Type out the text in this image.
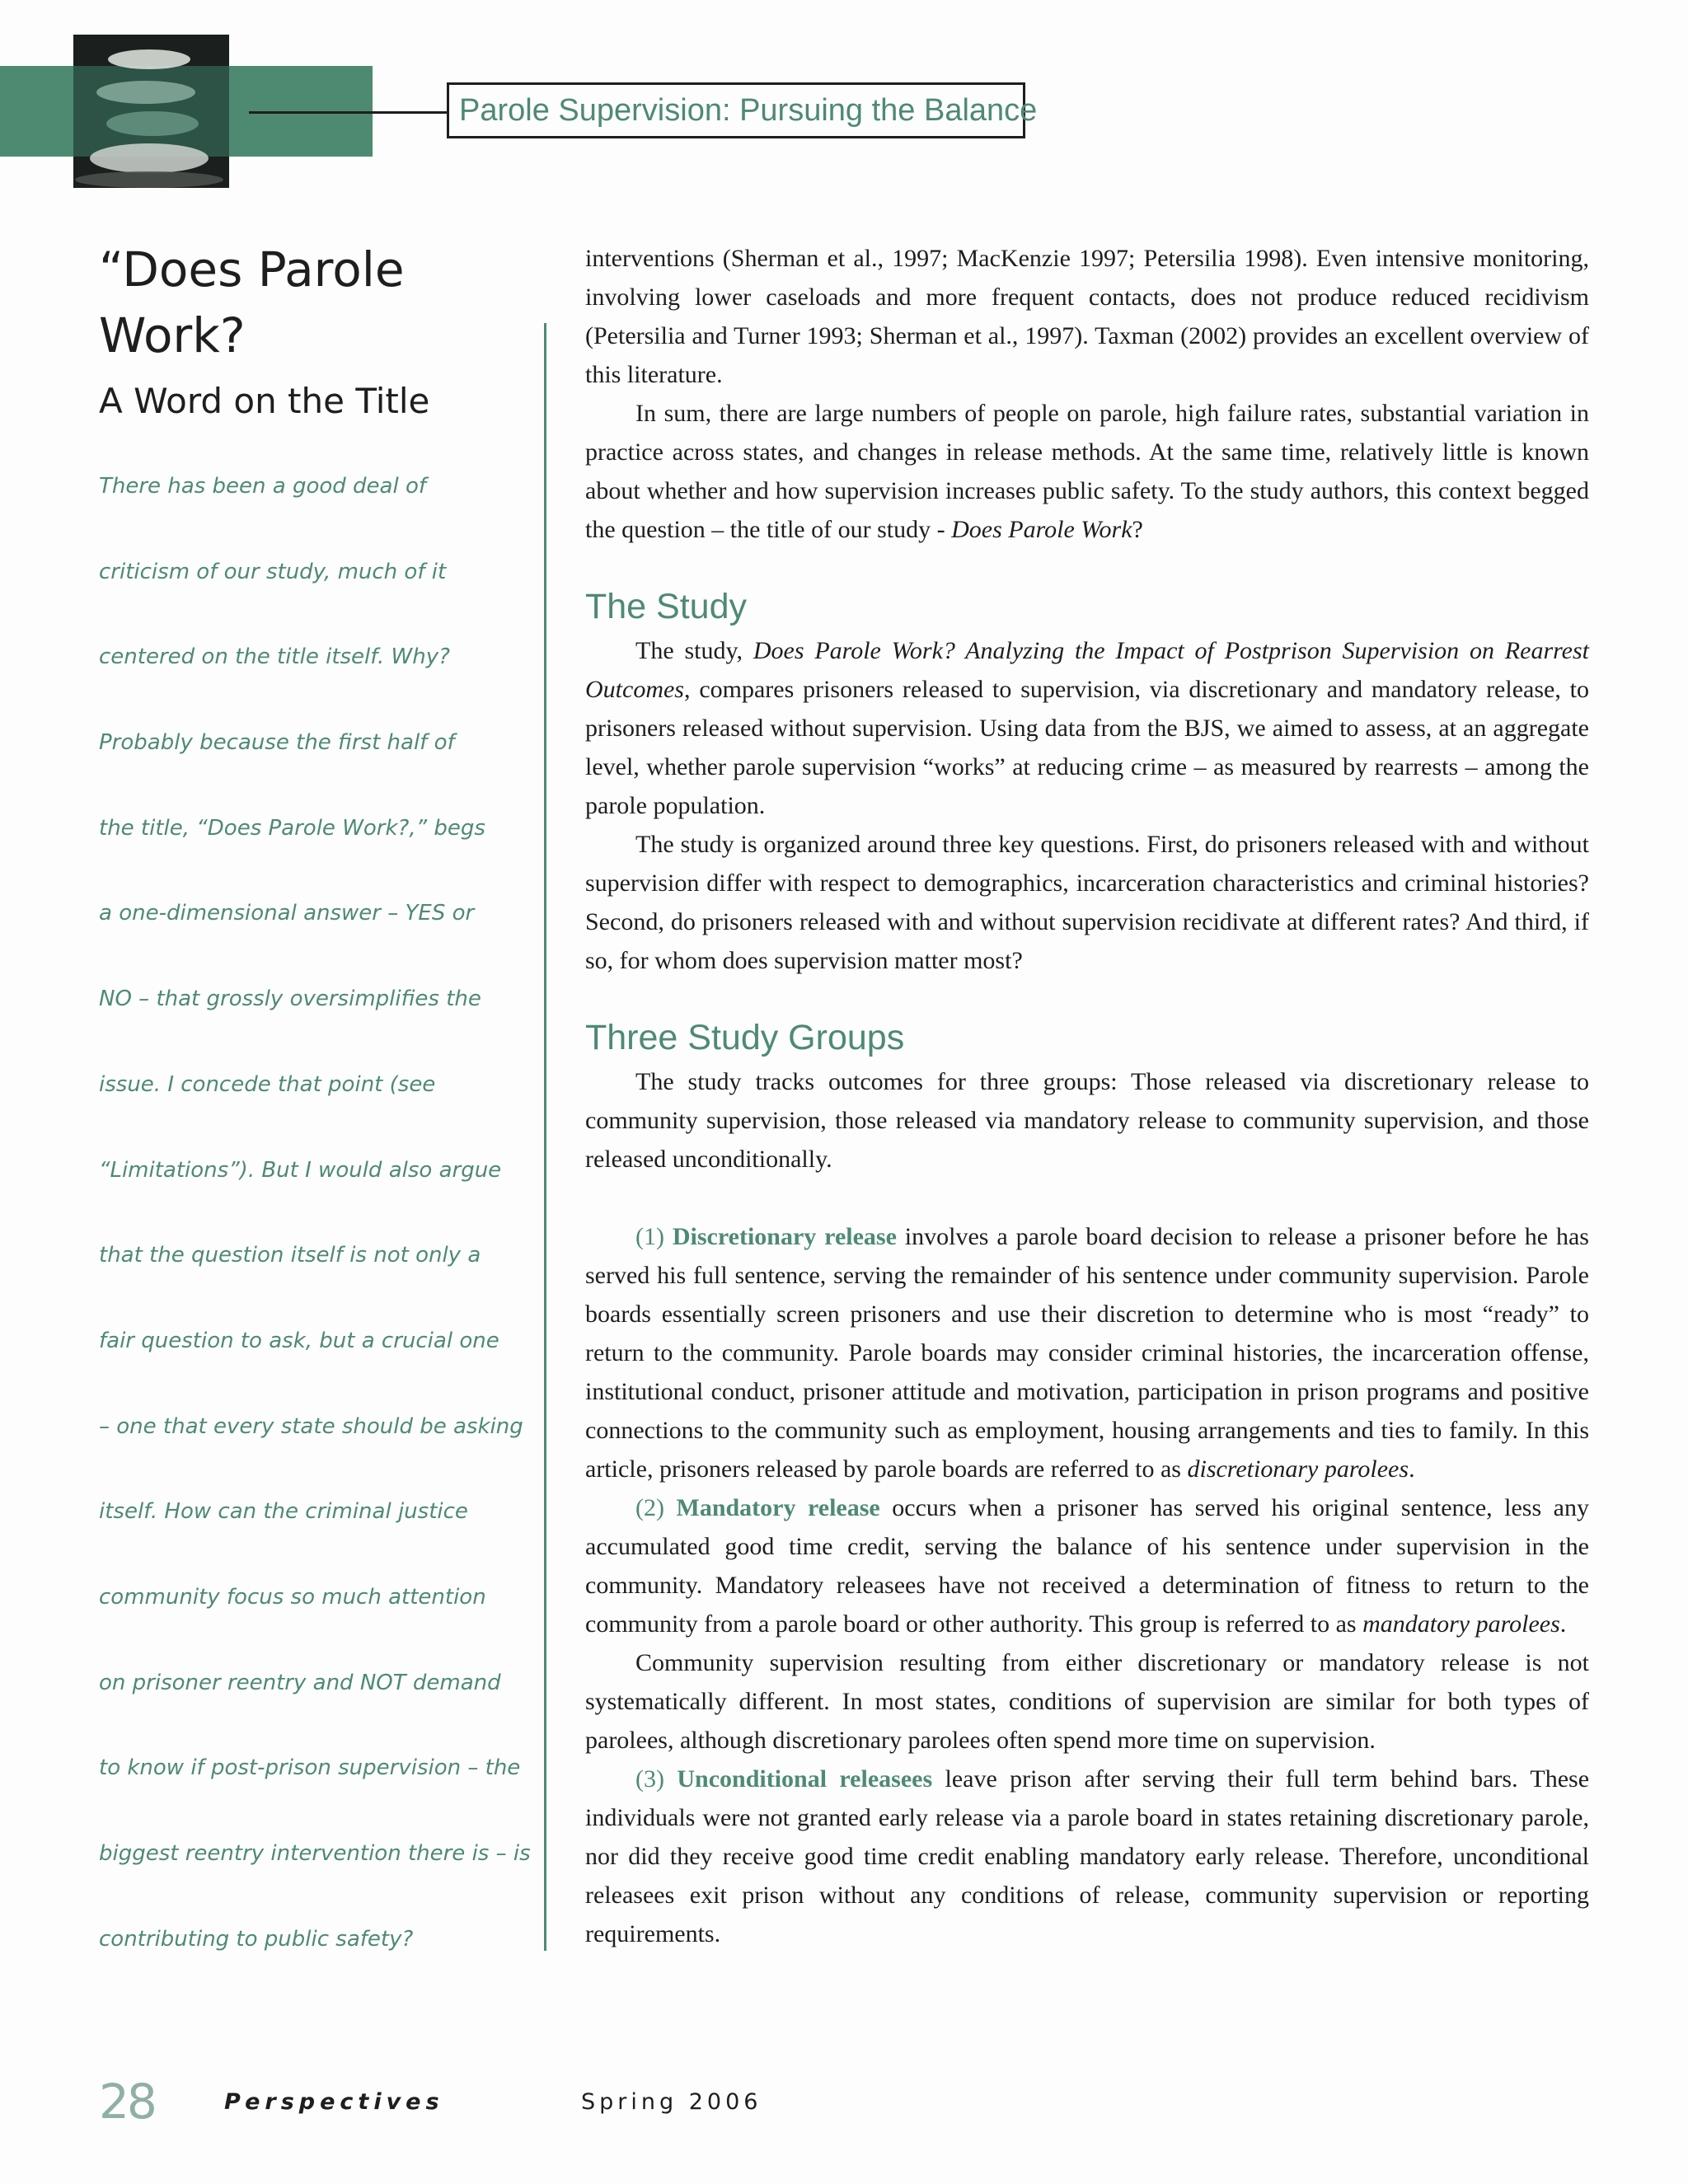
Parole Supervision: Pursuing the Balance
“Does Parole
Work?
A Word on the Title
There has been a good deal of
criticism of our study, much of it
centered on the title itself. Why?
Probably because the first half of
the title, “Does Parole Work?,” begs
a one-dimensional answer – YES or
NO – that grossly oversimplifies the
issue. I concede that point (see
“Limitations”). But I would also argue
that the question itself is not only a
fair question to ask, but a crucial one
– one that every state should be asking
itself. How can the criminal justice
community focus so much attention
on prisoner reentry and NOT demand
to know if post-prison supervision – the
biggest reentry intervention there is – is
contributing to public safety?

interventions (Sherman et al., 1997; MacKenzie 1997; Petersilia 1998). Even intensive monitoring, involving lower caseloads and more frequent contacts, does not produce reduced recidivism (Petersilia and Turner 1993; Sherman et al., 1997). Taxman (2002) provides an excellent overview of this literature.

In sum, there are large numbers of people on parole, high failure rates, substantial variation in practice across states, and changes in release methods. At the same time, relatively little is known about whether and how supervision increases public safety. To the study authors, this context begged the question – the title of our study - Does Parole Work?

The Study

The study, Does Parole Work? Analyzing the Impact of Postprison Supervision on Rearrest Outcomes, compares prisoners released to supervision, via discretionary and mandatory release, to prisoners released without supervision. Using data from the BJS, we aimed to assess, at an aggregate level, whether parole supervision “works” at reducing crime – as measured by rearrests – among the parole population.

The study is organized around three key questions. First, do prisoners released with and without supervision differ with respect to demographics, incarceration characteristics and criminal histories? Second, do prisoners released with and without supervision recidivate at different rates? And third, if so, for whom does supervision matter most?

Three Study Groups

The study tracks outcomes for three groups: Those released via discretionary release to community supervision, those released via mandatory release to community supervision, and those released unconditionally.

(1) Discretionary release involves a parole board decision to release a prisoner before he has served his full sentence, serving the remainder of his sentence under community supervision. Parole boards essentially screen prisoners and use their discretion to determine who is most “ready” to return to the community. Parole boards may consider criminal histories, the incarceration offense, institutional conduct, prisoner attitude and motivation, participation in prison programs and positive connections to the community such as employment, housing arrangements and ties to family. In this article, prisoners released by parole boards are referred to as discretionary parolees.

(2) Mandatory release occurs when a prisoner has served his original sentence, less any accumulated good time credit, serving the balance of his sentence under supervision in the community. Mandatory releasees have not received a determination of fitness to return to the community from a parole board or other authority. This group is referred to as mandatory parolees.

Community supervision resulting from either discretionary or mandatory release is not systematically different. In most states, conditions of supervision are similar for both types of parolees, although discretionary parolees often spend more time on supervision.

(3) Unconditional releasees leave prison after serving their full term behind bars. These individuals were not granted early release via a parole board in states retaining discretionary parole, nor did they receive good time credit enabling mandatory early release. Therefore, unconditional releasees exit prison without any conditions of release, community supervision or reporting requirements.

28	Perspectives	Spring 2006
